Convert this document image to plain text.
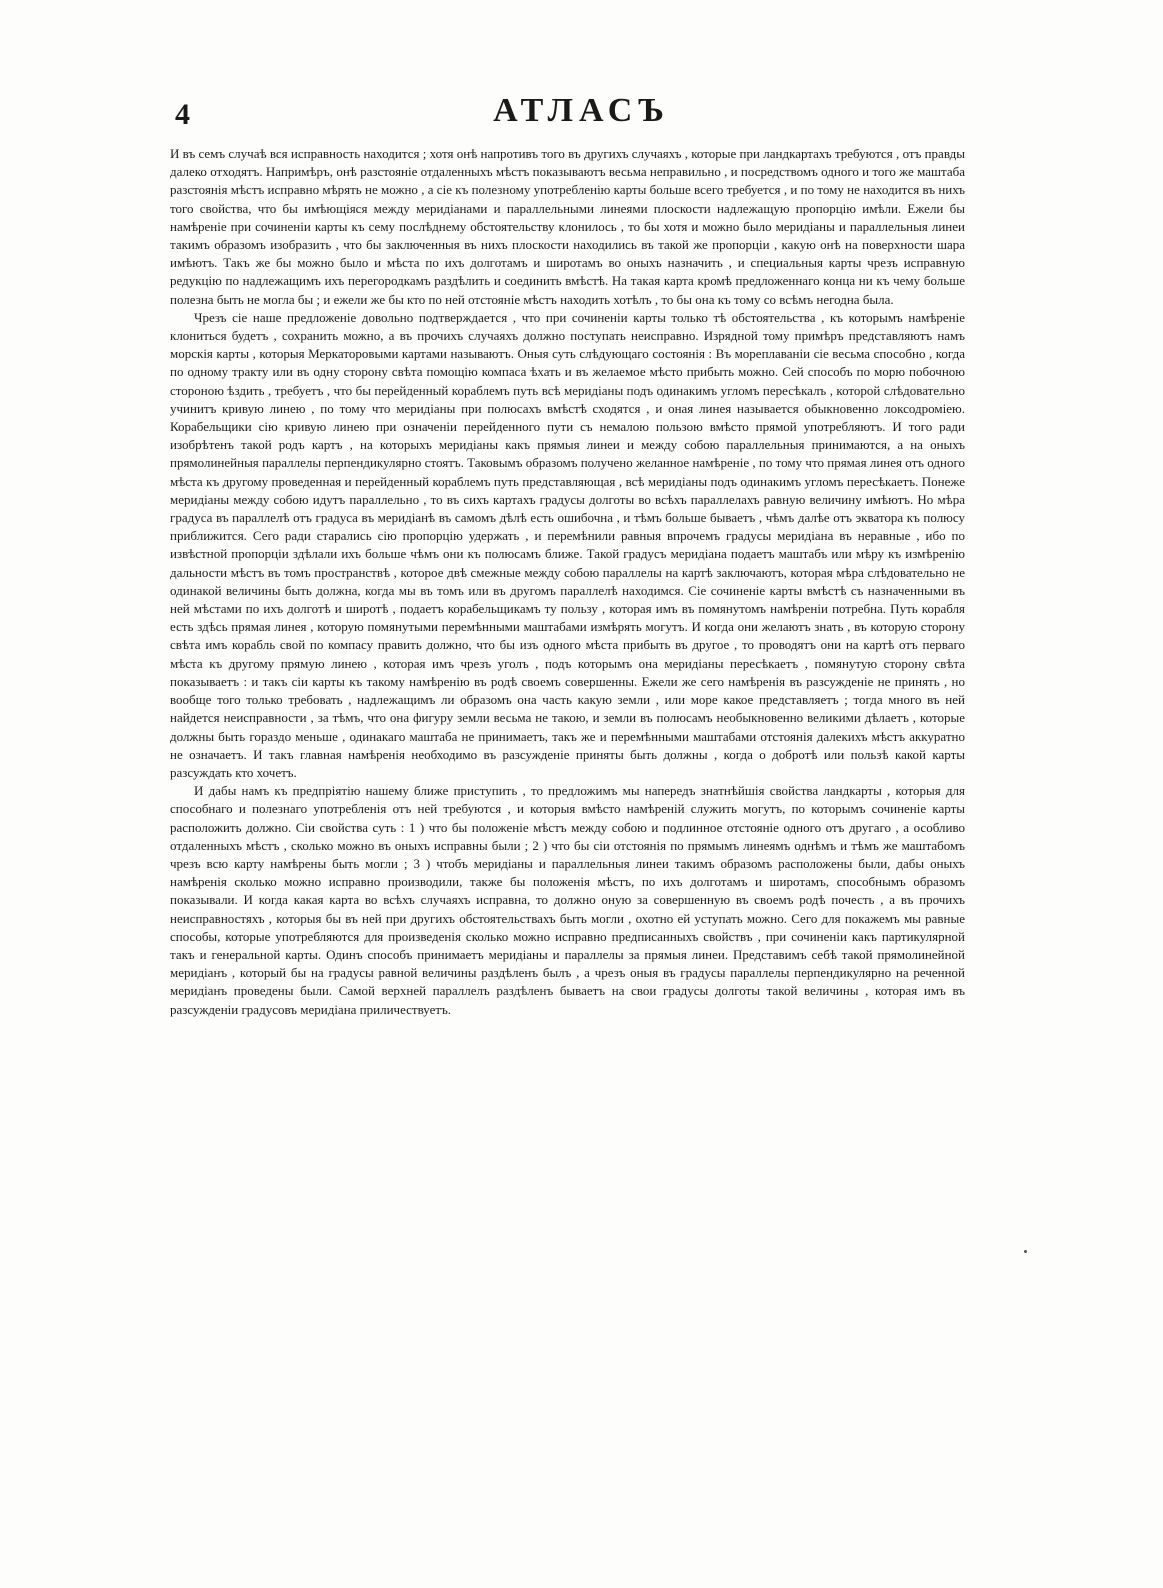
4	АТЛАСЪ

И въ семъ случаѣ вся исправность находится ; хотя онѣ напротивъ того въ другихъ случаяхъ , которые при ландкартахъ требуются , отъ правды далеко отходятъ. Напримѣръ, онѣ разстояніе отдаленныхъ мѣстъ показываютъ весьма неправильно , и посредствомъ одного и того же маштаба разстоянія мѣстъ исправно мѣрять не можно , а сіе къ полезному употребленію карты больше всего требуется , и по тому не находится въ нихъ того свойства, что бы имѣющіяся между меридіанами и параллельными линеями плоскости надлежащую пропорцію имѣли. Ежели бы намѣреніе при сочиненіи карты къ сему послѣднему обстоятельству клонилось , то бы хотя и можно было меридіаны и параллельныя линеи такимъ образомъ изобразить , что бы заключенныя въ нихъ плоскости находились въ такой же пропорціи , какую онѣ на поверхности шара имѣютъ. Такъ же бы можно было и мѣста по ихъ долготамъ и широтамъ во оныхъ назначить , и специальныя карты чрезъ исправную редукцію по надлежащимъ ихъ перегородкамъ раздѣлить и соединить вмѣстѣ. На такая карта кромѣ предложеннаго конца ни къ чему больше полезна быть не могла бы ; и ежели же бы кто по ней отстояніе мѣстъ находить хотѣлъ , то бы она къ тому со всѣмъ негодна была.

Чрезъ сіе наше предложеніе довольно подтверждается , что при сочиненіи карты только тѣ обстоятельства , къ которымъ намѣреніе клониться будетъ , сохранить можно, а въ прочихъ случаяхъ должно поступать неисправно. Изрядной тому примѣръ представляютъ намъ морскія карты , которыя Меркаторовыми картами называютъ. Оныя суть слѣдующаго состоянія : Въ мореплаваніи сіе весьма способно , когда по одному тракту или въ одну сторону свѣта помощію компаса ѣхать и въ желаемое мѣсто прибыть можно. Сей способъ по морю побочною стороною ѣздить , требуетъ , что бы перейденный кораблемъ путь всѣ меридіаны подъ одинакимъ угломъ пересѣкалъ , которой слѣдовательно учинитъ кривую линею , по тому что меридіаны при полюсахъ вмѣстѣ сходятся , и оная линея называется обыкновенно локсодроміею. Корабельщики сію кривую линею при означеніи перейденного пути съ немалою пользою вмѣсто прямой употребляютъ. И того ради изобрѣтенъ такой родъ картъ , на которыхъ меридіаны какъ прямыя линеи и между собою параллельныя принимаются, а на оныхъ прямолинейныя параллелы перпендикулярно стоятъ. Таковымъ образомъ получено желанное намѣреніе , по тому что прямая линея отъ одного мѣста къ другому проведенная и перейденный кораблемъ путь представляющая , всѣ меридіаны подъ одинакимъ угломъ пересѣкаетъ. Понеже меридіаны между собою идутъ параллельно , то въ сихъ картахъ градусы долготы во всѣхъ параллелахъ равную величину имѣютъ. Но мѣра градуса въ параллелѣ отъ градуса въ меридіанѣ въ самомъ дѣлѣ есть ошибочна , и тѣмъ больше бываетъ , чѣмъ далѣе отъ экватора къ полюсу приближится. Сего ради старались сію пропорцію удержать , и перемѣнили равныя впрочемъ градусы меридіана въ неравные , ибо по извѣстной пропорціи здѣлали ихъ больше чѣмъ они къ полюсамъ ближе. Такой градусъ меридіана подаетъ маштабъ или мѣру къ измѣренію дальности мѣстъ въ томъ пространствѣ , которое двѣ смежные между собою параллелы на картѣ заключаютъ, которая мѣра слѣдовательно не одинакой величины быть должна, когда мы въ томъ или въ другомъ параллелѣ находимся. Сіе сочиненіе карты вмѣстѣ съ назначенными въ ней мѣстами по ихъ долготѣ и широтѣ , подаетъ корабельщикамъ ту пользу , которая имъ въ помянутомъ намѣреніи потребна. Путь корабля есть здѣсь прямая линея , которую помянутыми перемѣнными маштабами измѣрять могутъ. И когда они желаютъ знать , въ которую сторону свѣта имъ корабль свой по компасу править должно, что бы изъ одного мѣста прибыть въ другое , то проводятъ они на картѣ отъ перваго мѣста къ другому прямую линею , которая имъ чрезъ уголъ , подъ которымъ она меридіаны пересѣкаетъ , помянутую сторону свѣта показываетъ : и такъ сіи карты къ такому намѣренію въ родѣ своемъ совершенны. Ежели же сего намѣренія въ разсужденіе не принять , но вообще того только требовать , надлежащимъ ли образомъ она часть какую земли , или море какое представляетъ ; тогда много въ ней найдется неисправности , за тѣмъ, что она фигуру земли весьма не такою, и земли въ полюсамъ необыкновенно великими дѣлаетъ , которые должны быть гораздо меньше , одинакаго маштаба не принимаетъ, такъ же и перемѣнными маштабами отстоянія далекихъ мѣстъ аккуратно не означаетъ. И такъ главная намѣренія необходимо въ разсужденіе приняты быть должны , когда о добротѣ или пользѣ какой карты разсуждать кто хочетъ.

И дабы намъ къ предпріятію нашему ближе приступить , то предложимъ мы напередъ знатнѣйшія свойства ландкарты , которыя для способнаго и полезнаго употребленія отъ ней требуются , и которыя вмѣсто намѣреній служить могутъ, по которымъ сочиненіе карты расположить должно. Сіи свойства суть : 1 ) что бы положеніе мѣстъ между собою и подлинное отстояніе одного отъ другаго , а особливо отдаленныхъ мѣстъ , сколько можно въ оныхъ исправны были ; 2 ) что бы сіи отстоянія по прямымъ линеямъ однѣмъ и тѣмъ же маштабомъ чрезъ всю карту намѣрены быть могли ; 3 ) чтобъ меридіаны и параллельныя линеи такимъ образомъ расположены были, дабы оныхъ намѣренія сколько можно исправно производили, также бы положенія мѣстъ, по ихъ долготамъ и широтамъ, способнымъ образомъ показывали. И когда какая карта во всѣхъ случаяхъ исправна, то должно оную за совершенную въ своемъ родѣ почесть , а въ прочихъ неисправностяхъ , которыя бы въ ней при другихъ обстоятельствахъ быть могли , охотно ей уступать можно. Сего для покажемъ мы равные способы, которые употребляются для произведенія сколько можно исправно предписанныхъ свойствъ , при сочиненіи какъ партикулярной такъ и генеральной карты. Одинъ способъ принимаетъ меридіаны и параллелы за прямыя линеи. Представимъ себѣ такой прямолинейной меридіанъ , который бы на градусы равной величины раздѣленъ былъ , а чрезъ оныя въ градусы параллелы перпендикулярно на реченной меридіанъ проведены были. Самой верхней параллелъ раздѣленъ бываетъ на свои градусы долготы такой величины , которая имъ въ разсужденіи градусовъ меридіана приличествуетъ.
